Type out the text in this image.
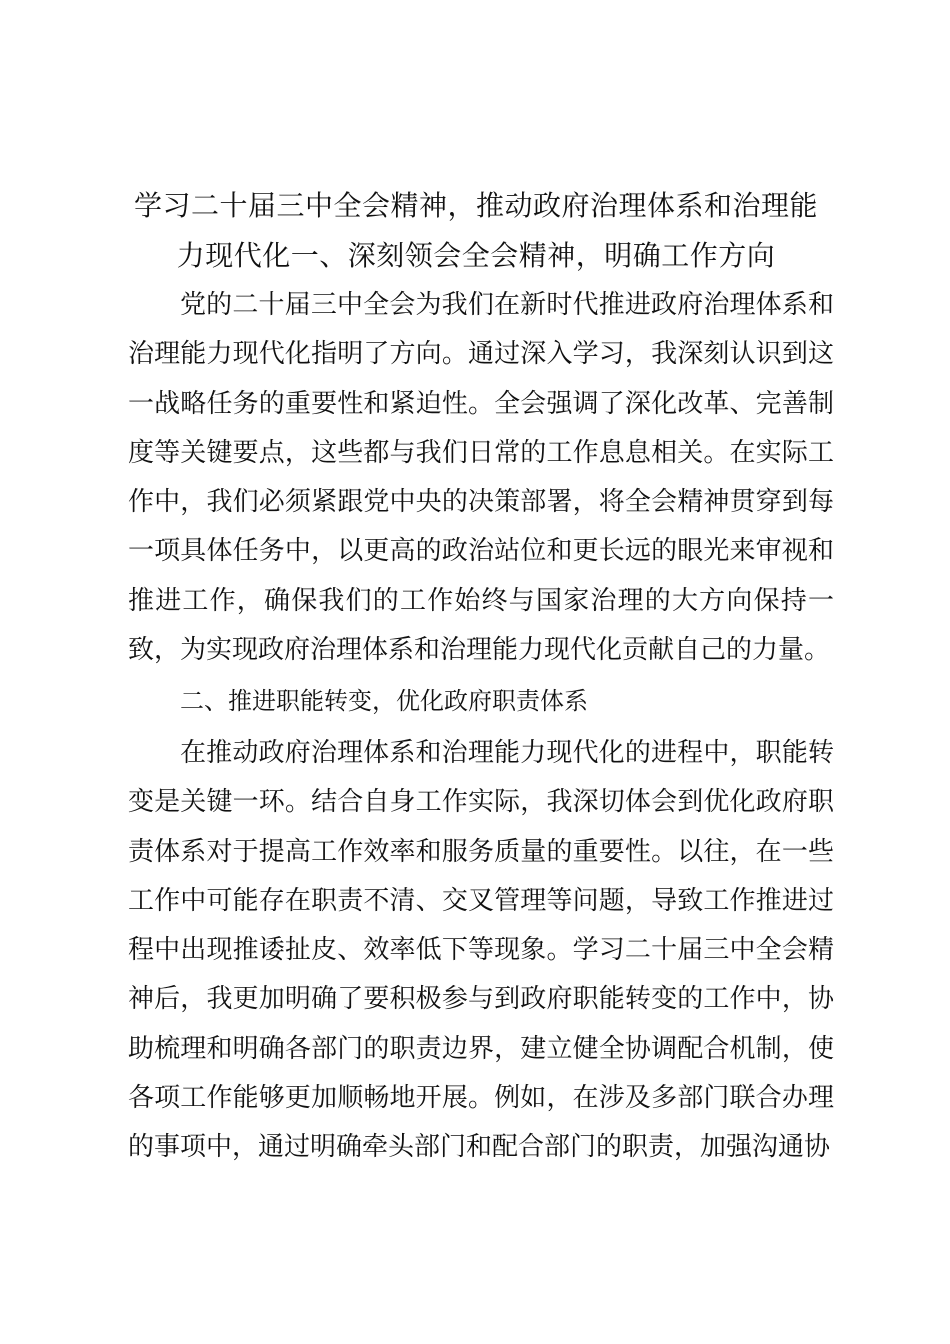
学习二十届三中全会精神，推动政府治理体系和治理能力现代化一、深刻领会全会精神，明确工作方向

党的二十届三中全会为我们在新时代推进政府治理体系和治理能力现代化指明了方向。通过深入学习，我深刻认识到这一战略任务的重要性和紧迫性。全会强调了深化改革、完善制度等关键要点，这些都与我们日常的工作息息相关。在实际工作中，我们必须紧跟党中央的决策部署，将全会精神贯穿到每一项具体任务中，以更高的政治站位和更长远的眼光来审视和推进工作，确保我们的工作始终与国家治理的大方向保持一致，为实现政府治理体系和治理能力现代化贡献自己的力量。

二、推进职能转变，优化政府职责体系

在推动政府治理体系和治理能力现代化的进程中，职能转变是关键一环。结合自身工作实际，我深切体会到优化政府职责体系对于提高工作效率和服务质量的重要性。以往，在一些工作中可能存在职责不清、交叉管理等问题，导致工作推进过程中出现推诿扯皮、效率低下等现象。学习二十届三中全会精神后，我更加明确了要积极参与到政府职能转变的工作中，协助梳理和明确各部门的职责边界，建立健全协调配合机制，使各项工作能够更加顺畅地开展。例如，在涉及多部门联合办理的事项中，通过明确牵头部门和配合部门的职责，加强沟通协
